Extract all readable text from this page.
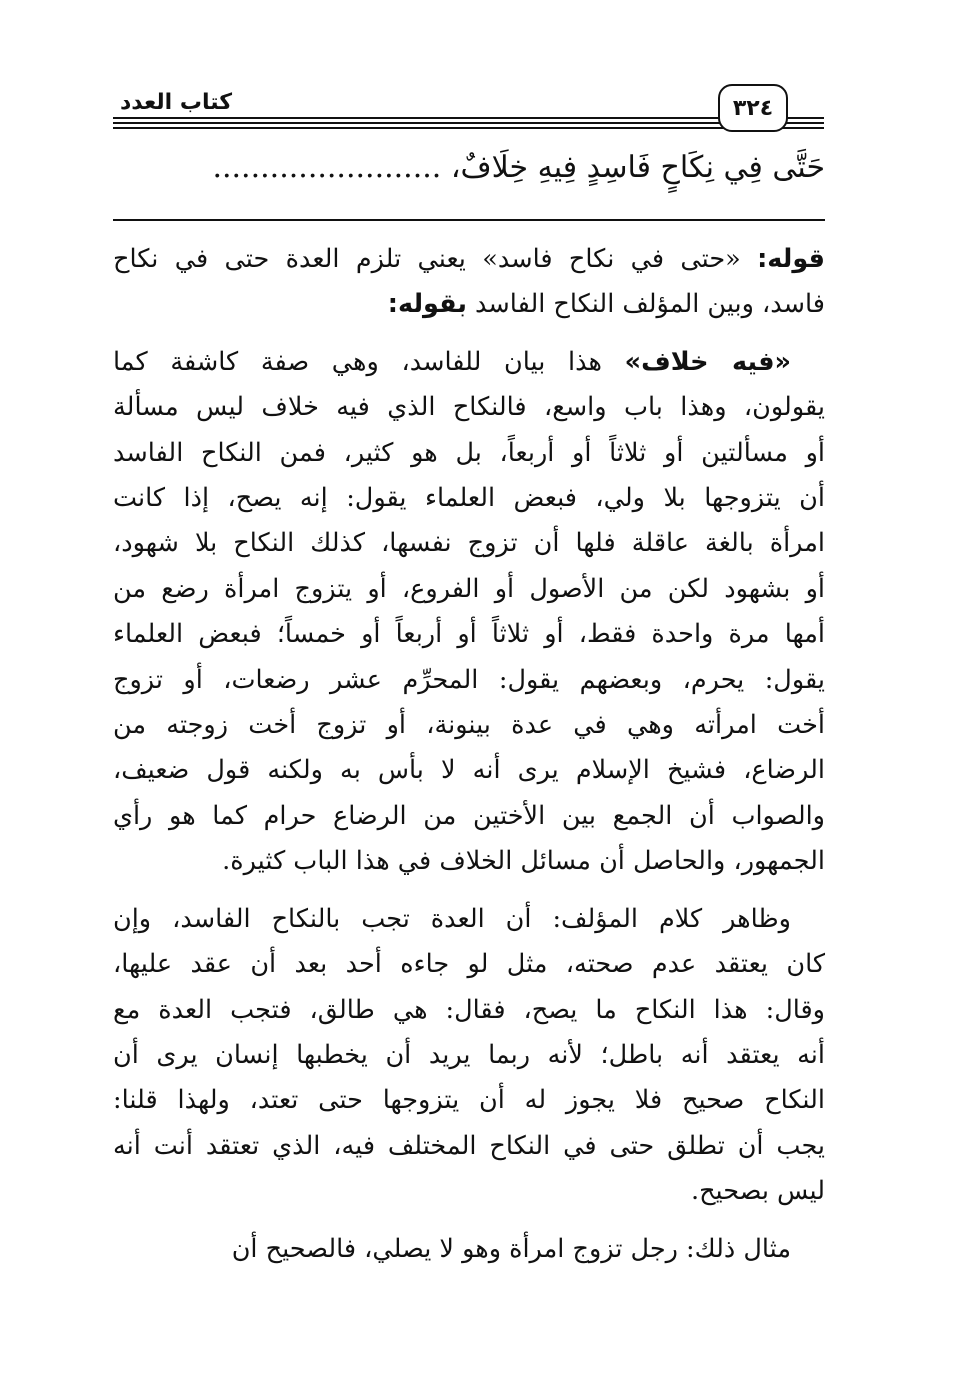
كتاب العدد	٣٢٤
حَتَّى فِي نِكَاحٍ فَاسِدٍ فِيهِ خِلَافٌ، ........................
قوله: «حتى في نكاح فاسد» يعني تلزم العدة حتى في نكاح
فاسد، وبين المؤلف النكاح الفاسد بقوله:
«فيه خلاف» هذا بيان للفاسد، وهي صفة كاشفة كما
يقولون، وهذا باب واسع، فالنكاح الذي فيه خلاف ليس مسألة
أو مسألتين أو ثلاثاً أو أربعاً، بل هو كثير، فمن النكاح الفاسد
أن يتزوجها بلا ولي، فبعض العلماء يقول: إنه يصح، إذا كانت
امرأة بالغة عاقلة فلها أن تزوج نفسها، كذلك النكاح بلا شهود،
أو بشهود لكن من الأصول أو الفروع، أو يتزوج امرأة رضع من
أمها مرة واحدة فقط، أو ثلاثاً أو أربعاً أو خمساً؛ فبعض العلماء
يقول: يحرم، وبعضهم يقول: المحرِّم عشر رضعات، أو تزوج
أخت امرأته وهي في عدة بينونة، أو تزوج أخت زوجته من
الرضاع، فشيخ الإسلام يرى أنه لا بأس به ولكنه قول ضعيف،
والصواب أن الجمع بين الأختين من الرضاع حرام كما هو رأي
الجمهور، والحاصل أن مسائل الخلاف في هذا الباب كثيرة.
وظاهر كلام المؤلف: أن العدة تجب بالنكاح الفاسد، وإن
كان يعتقد عدم صحته، مثل لو جاءه أحد بعد أن عقد عليها،
وقال: هذا النكاح ما يصح، فقال: هي طالق، فتجب العدة مع
أنه يعتقد أنه باطل؛ لأنه ربما يريد أن يخطبها إنسان يرى أن
النكاح صحيح فلا يجوز له أن يتزوجها حتى تعتد، ولهذا قلنا:
يجب أن تطلق حتى في النكاح المختلف فيه، الذي تعتقد أنت أنه
ليس بصحيح.
مثال ذلك: رجل تزوج امرأة وهو لا يصلي، فالصحيح أن
